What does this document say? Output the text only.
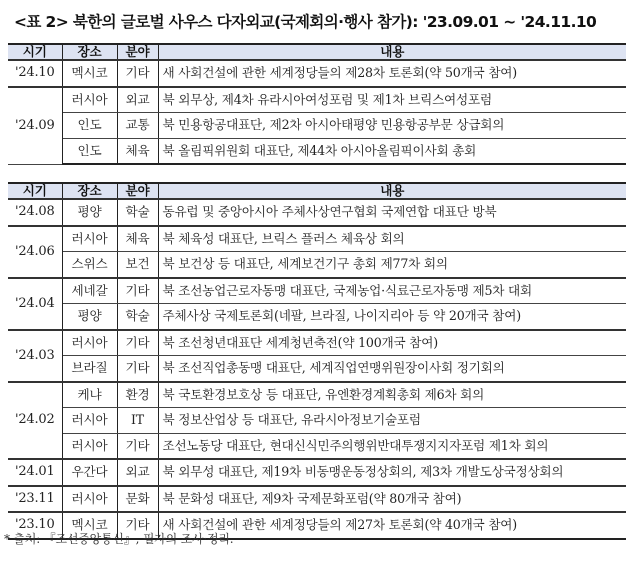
<표 2> 북한의 글로벌 사우스 다자외교(국제회의·행사 참가): '23.09.01 ~ '24.11.10
시기	장소	분야	내용
'24.10	멕시코	기타	새 사회건설에 관한 세계정당들의 제28차 토론회(약 50개국 참여)
'24.09	러시아	외교	북 외무상, 제4차 유라시아여성포럼 및 제1차 브릭스여성포럼
	인도	교통	북 민용항공대표단, 제2차 아시아태평양 민용항공부문 상급회의
	인도	체육	북 올림픽위원회 대표단, 제44차 아시아올림픽이사회 총회
시기	장소	분야	내용
'24.08	평양	학술	동유럽 및 중앙아시아 주체사상연구협회 국제연합 대표단 방북
'24.06	러시아	체육	북 체육성 대표단, 브릭스 플러스 체육상 회의
	스위스	보건	북 보건상 등 대표단, 세계보건기구 총회 제77차 회의
'24.04	세네갈	기타	북 조선농업근로자동맹 대표단, 국제농업·식료근로자동맹 제5차 대회
	평양	학술	주체사상 국제토론회(네팔, 브라질, 나이지리아 등 약 20개국 참여)
'24.03	러시아	기타	북 조선청년대표단 세계청년축전(약 100개국 참여)
	브라질	기타	북 조선직업총동맹 대표단, 세계직업연맹위원장이사회 정기회의
'24.02	케냐	환경	북 국토환경보호상 등 대표단, 유엔환경계획총회 제6차 회의
	러시아	IT	북 정보산업상 등 대표단, 유라시아정보기술포럼
	러시아	기타	조선노동당 대표단, 현대신식민주의행위반대투쟁지지자포럼 제1차 회의
'24.01	우간다	외교	북 외무성 대표단, 제19차 비동맹운동정상회의, 제3차 개발도상국정상회의
'23.11	러시아	문화	북 문화성 대표단, 제9차 국제문화포럼(약 80개국 참여)
'23.10	멕시코	기타	새 사회건설에 관한 세계정당들의 제27차 토론회(약 40개국 참여)
* 출처: 『조선중앙통신』, 필자의 조사·정리.
